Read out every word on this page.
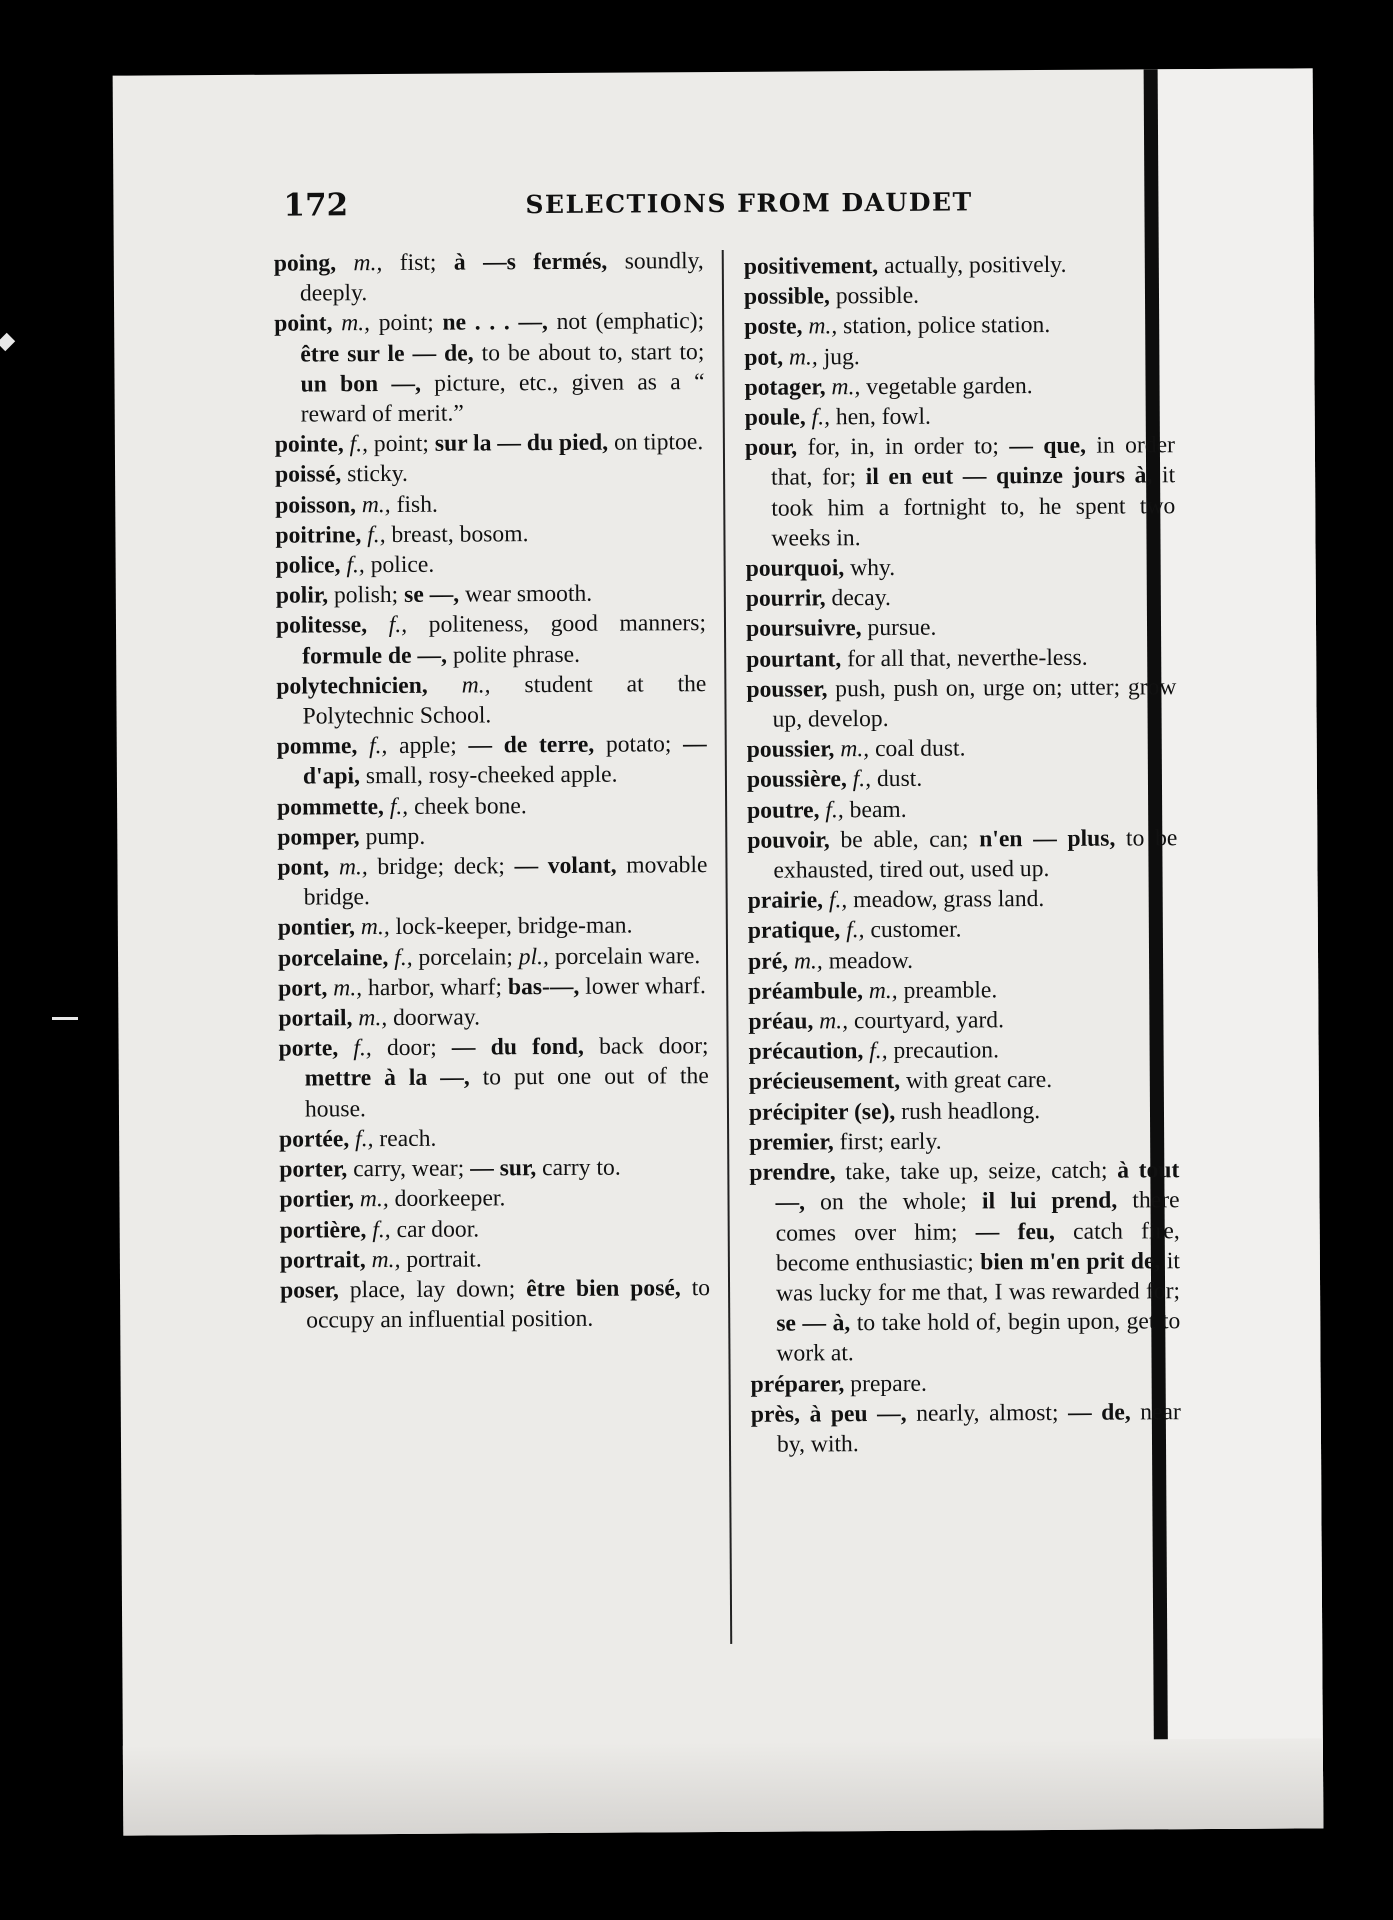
172	SELECTIONS FROM DAUDET

poing, m., fist; à —s fermés, soundly, deeply.

point, m., point; ne . . . —, not (emphatic); être sur le — de, to be about to, start to; un bon —, picture, etc., given as a “ reward of merit.”

pointe, f., point; sur la — du pied, on tiptoe.

poissé, sticky.

poisson, m., fish.

poitrine, f., breast, bosom.

police, f., police.

polir, polish; se —, wear smooth.

politesse, f., politeness, good manners; formule de —, polite phrase.

polytechnicien, m., student at the Polytechnic School.

pomme, f., apple; — de terre, potato; — d'api, small, rosy-cheeked apple.

pommette, f., cheek bone.

pomper, pump.

pont, m., bridge; deck; — volant, movable bridge.

pontier, m., lock-keeper, bridge-man.

porcelaine, f., porcelain; pl., porcelain ware.

port, m., harbor, wharf; bas-—, lower wharf.

portail, m., doorway.

porte, f., door; — du fond, back door; mettre à la —, to put one out of the house.

portée, f., reach.

porter, carry, wear; — sur, carry to.

portier, m., doorkeeper.

portière, f., car door.

portrait, m., portrait.

poser, place, lay down; être bien posé, to occupy an influential position.

positivement, actually, positively.

possible, possible.

poste, m., station, police station.

pot, m., jug.

potager, m., vegetable garden.

poule, f., hen, fowl.

pour, for, in, in order to; — que, in order that, for; il en eut — quinze jours à, it took him a fortnight to, he spent two weeks in.

pourquoi, why.

pourrir, decay.

poursuivre, pursue.

pourtant, for all that, neverthe-less.

pousser, push, push on, urge on; utter; grow up, develop.

poussier, m., coal dust.

poussière, f., dust.

poutre, f., beam.

pouvoir, be able, can; n'en — plus, to be exhausted, tired out, used up.

prairie, f., meadow, grass land.

pratique, f., customer.

pré, m., meadow.

préambule, m., preamble.

préau, m., courtyard, yard.

précaution, f., precaution.

précieusement, with great care.

précipiter (se), rush headlong.

premier, first; early.

prendre, take, take up, seize, catch; à tout —, on the whole; il lui prend, there comes over him; — feu, catch fire, become enthusiastic; bien m'en prit de, it was lucky for me that, I was rewarded for; se — à, to take hold of, begin upon, get to work at.

préparer, prepare.

près, à peu —, nearly, almost; — de, near by, with.
